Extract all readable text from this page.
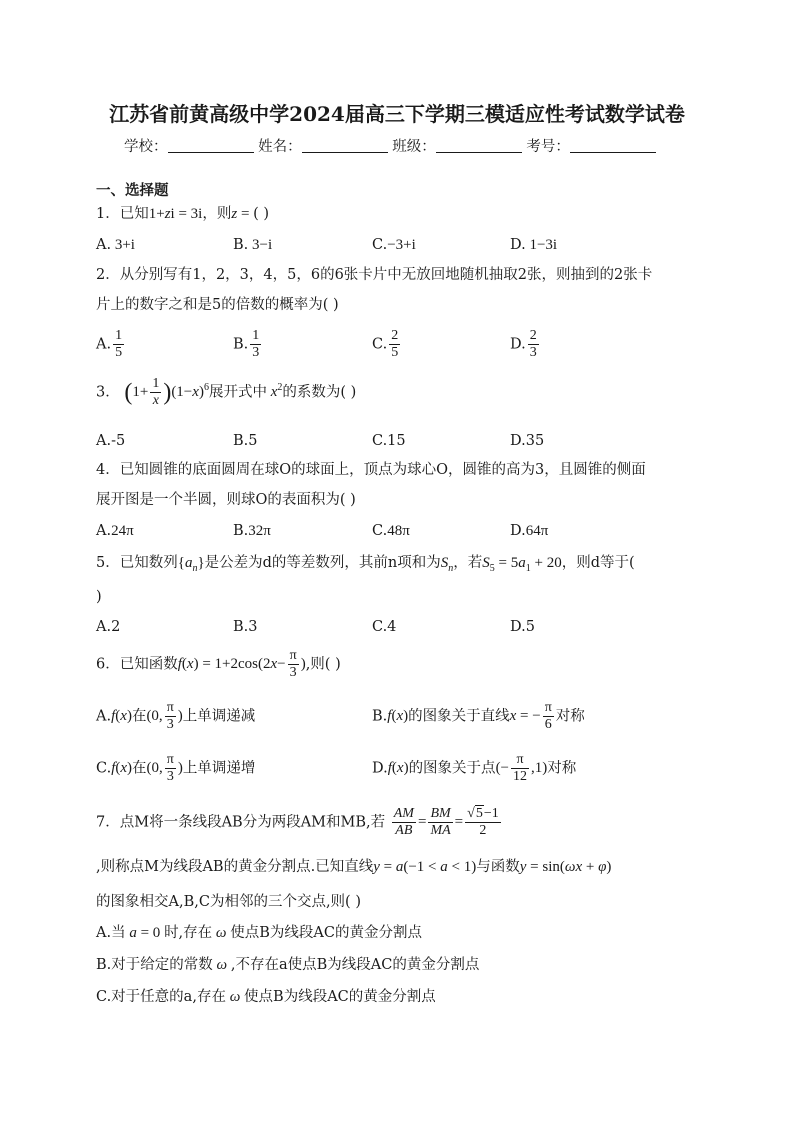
江苏省前黄高级中学2024届高三下学期三模适应性考试数学试卷
学校：	姓名：	班级：	考号：
一、选择题
1．已知1+zi = 3i，则z = ( )
A. 3+i	B. 3−i	C.−3+i	D. 1−3i
2．从分别写有1，2，3，4，5，6的6张卡片中无放回地随机抽取2张，则抽到的2张卡
片上的数字之和是5的倍数的概率为( )
A. $\frac{1}{5}$	B. $\frac{1}{3}$	C. $\frac{2}{5}$	D. $\frac{2}{3}$
3． $(1+ \frac{1}{x} )(1-x)^6$展开式中 $x^2$的系数为( )
A.-5	B.5	C.15	D.35
4．已知圆锥的底面圆周在球O的球面上，顶点为球心O，圆锥的高为3，且圆锥的侧面
展开图是一个半圆，则球O的表面积为( )
A.24π	B.32π	C.48π	D.64π
5．已知数列$\{a_n\}$是公差为d的等差数列，其前n项和为$S_n$，若$S_5 = 5a_1 + 20$，则d等于(
)
A.2	B.3	C.4	D.5
6．已知函数$f(x) = 1+2\cos(2x- \frac{\pi}{3}$ ),则( )
A.f(x)在(0, $\frac{\pi}{3}$ )上单调递减	B.f(x)的图象关于直线x = − $\frac{\pi}{6}$ 对称
C.f(x)在(0, $\frac{\pi}{3}$ )上单调递增	D.f(x)的图象关于点(− $\frac{\pi}{12} ,1$)对称
7．点M将一条线段AB分为两段AM和MB,若 $\frac{AM}{AB} = \frac{BM}{MA} = \frac{√5-1}{2}$
,则称点M为线段AB的黄金分割点.已知直线y = a(−1 < a < 1)与函数y = sin(ωx + φ)
的图象相交A,B,C为相邻的三个交点,则( )
A.当 a = 0 时,存在 ω 使点B为线段AC的黄金分割点
B.对于给定的常数 ω ,不存在a使点B为线段AC的黄金分割点
C.对于任意的a,存在 ω 使点B为线段AC的黄金分割点
